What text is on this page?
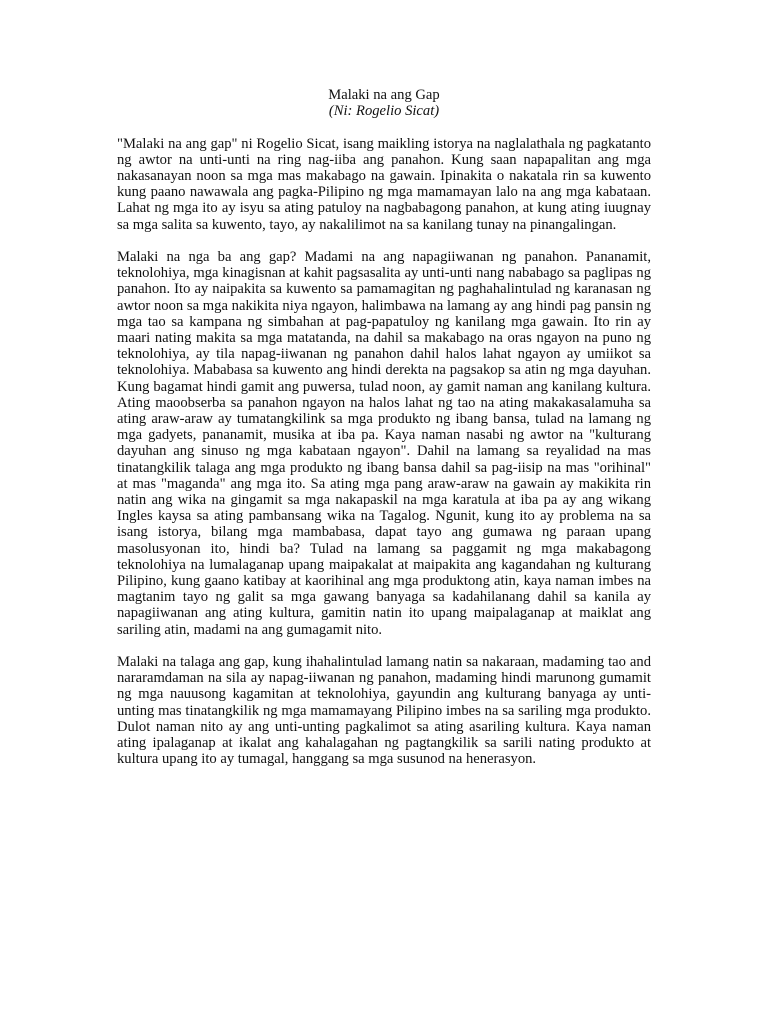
Malaki na ang Gap
(Ni: Rogelio Sicat)

"Malaki na ang gap" ni Rogelio Sicat, isang maikling istorya na naglalathala ng pagkatanto ng awtor na unti-unti na ring nag-iiba ang panahon. Kung saan napapalitan ang mga nakasanayan noon sa mga mas makabago na gawain. Ipinakita o nakatala rin sa kuwento kung paano nawawala ang pagka-Pilipino ng mga mamamayan lalo na ang mga kabataan. Lahat ng mga ito ay isyu sa ating patuloy na nagbabagong panahon, at kung ating iuugnay sa mga salita sa kuwento, tayo, ay nakalilimot na sa kanilang tunay na pinangalingan.

Malaki na nga ba ang gap? Madami na ang napagiiwanan ng panahon. Pananamit, teknolohiya, mga kinagisnan at kahit pagsasalita ay unti-unti nang nababago sa paglipas ng panahon. Ito ay naipakita sa kuwento sa pamamagitan ng paghahalintulad ng karanasan ng awtor noon sa mga nakikita niya ngayon, halimbawa na lamang ay ang hindi pag pansin ng mga tao sa kampana ng simbahan at pag-papatuloy ng kanilang mga gawain. Ito rin ay maari nating makita sa mga matatanda, na dahil sa makabago na oras ngayon na puno ng teknolohiya, ay tila napag-iiwanan ng panahon dahil halos lahat ngayon ay umiikot sa teknolohiya. Mababasa sa kuwento ang hindi derekta na pagsakop sa atin ng mga dayuhan. Kung bagamat hindi gamit ang puwersa, tulad noon, ay gamit naman ang kanilang kultura. Ating maoobserba sa panahon ngayon na halos lahat ng tao na ating makakasalamuha sa ating araw-araw ay tumatangkilink sa mga produkto ng ibang bansa, tulad na lamang ng mga gadyets, pananamit, musika at iba pa. Kaya naman nasabi ng awtor na "kulturang dayuhan ang sinuso ng mga kabataan ngayon". Dahil na lamang sa reyalidad na mas tinatangkilik talaga ang mga produkto ng ibang bansa dahil sa pag-iisip na mas "orihinal" at mas "maganda" ang mga ito. Sa ating mga pang araw-araw na gawain ay makikita rin natin ang wika na gingamit sa mga nakapaskil na mga karatula at iba pa ay ang wikang Ingles kaysa sa ating pambansang wika na Tagalog. Ngunit, kung ito ay problema na sa isang istorya, bilang mga mambabasa, dapat tayo ang gumawa ng paraan upang masolusyonan ito, hindi ba? Tulad na lamang sa paggamit ng mga makabagong teknolohiya na lumalaganap upang maipakalat at maipakita ang kagandahan ng kulturang Pilipino, kung gaano katibay at kaorihinal ang mga produktong atin, kaya naman imbes na magtanim tayo ng galit sa mga gawang banyaga sa kadahilanang dahil sa kanila ay napagiiwanan ang ating kultura, gamitin natin ito upang maipalaganap at maiklat ang sariling atin, madami na ang gumagamit nito.

Malaki na talaga ang gap, kung ihahalintulad lamang natin sa nakaraan, madaming tao and nararamdaman na sila ay napag-iiwanan ng panahon, madaming hindi marunong gumamit ng mga nauusong kagamitan at teknolohiya, gayundin ang kulturang banyaga ay unti-unting mas tinatangkilik ng mga mamamayang Pilipino imbes na sa sariling mga produkto. Dulot naman nito ay ang unti-unting pagkalimot sa ating asariling kultura. Kaya naman ating ipalaganap at ikalat ang kahalagahan ng pagtangkilik sa sarili nating produkto at kultura upang ito ay tumagal, hanggang sa mga susunod na henerasyon.
